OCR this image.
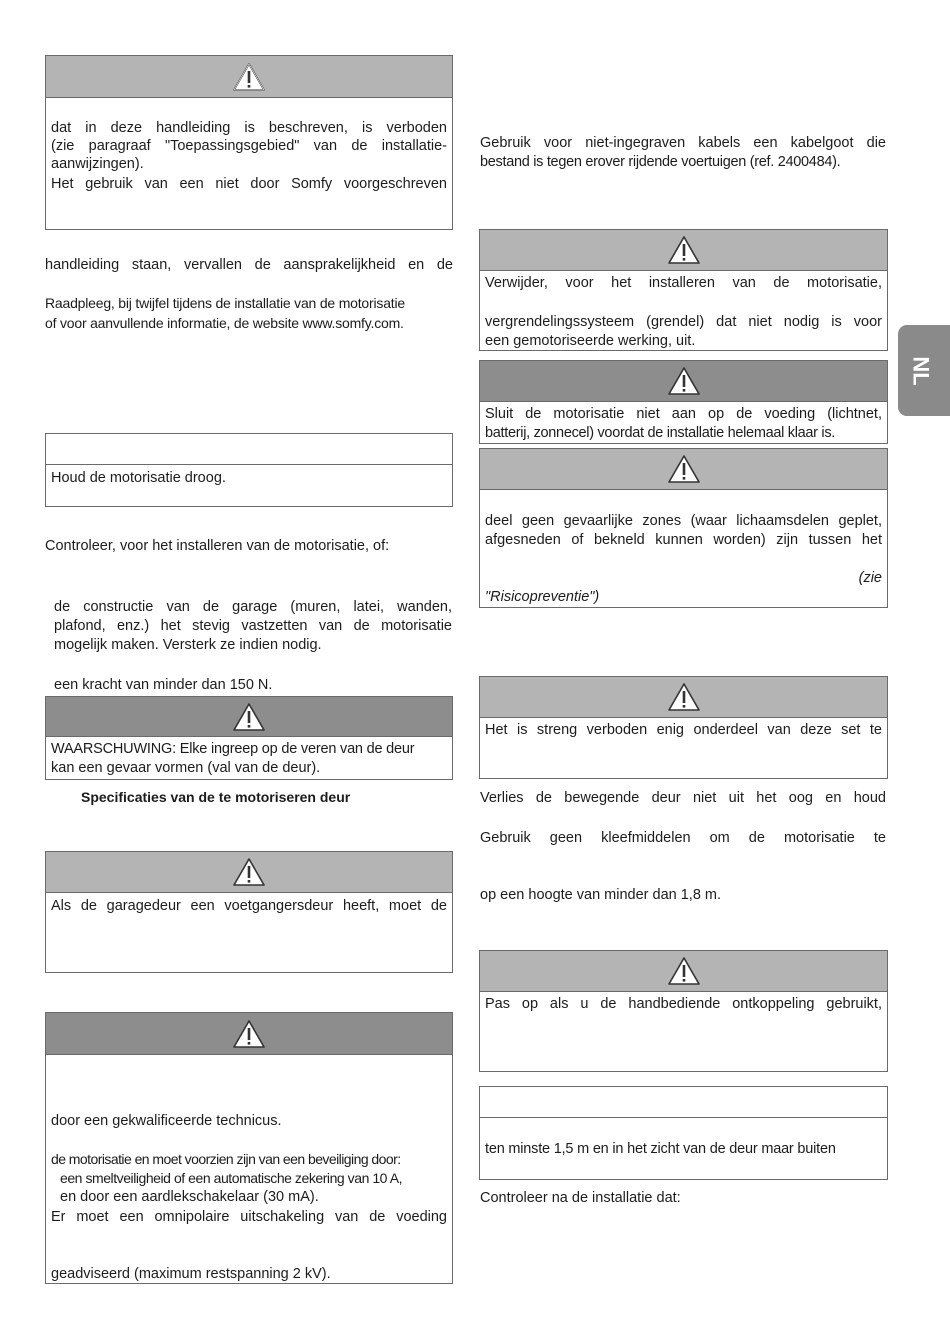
dat in deze handleiding is beschreven, is verboden
(zie paragraaf "Toepassingsgebied" van de installatie-
aanwijzingen).
Het gebruik van een niet door Somfy voorgeschreven
handleiding staan, vervallen de aansprakelijkheid en de
Raadpleeg, bij twijfel tijdens de installatie van de motorisatie
of voor aanvullende informatie, de website www.somfy.com.
Houd de motorisatie droog.
Controleer, voor het installeren van de motorisatie, of:
de constructie van de garage (muren, latei, wanden,
plafond, enz.) het stevig vastzetten van de motorisatie
mogelijk maken. Versterk ze indien nodig.
een kracht van minder dan 150 N.
WAARSCHUWING: Elke ingreep op de veren van de deur
kan een gevaar vormen (val van de deur).
Specificaties van de te motoriseren deur
Als de garagedeur een voetgangersdeur heeft, moet de
door een gekwalificeerde technicus.
de motorisatie en moet voorzien zijn van een beveiliging door:
een smeltveiligheid of een automatische zekering van 10 A,
en door een aardlekschakelaar (30 mA).
Er moet een omnipolaire uitschakeling van de voeding
geadviseerd (maximum restspanning 2 kV).
Gebruik voor niet-ingegraven kabels een kabelgoot die
bestand is tegen erover rijdende voertuigen (ref. 2400484).
Verwijder, voor het installeren van de motorisatie,
vergrendelingssysteem (grendel) dat niet nodig is voor
een gemotoriseerde werking, uit.
Sluit de motorisatie niet aan op de voeding (lichtnet,
batterij, zonnecel) voordat de installatie helemaal klaar is.
deel geen gevaarlijke zones (waar lichaamsdelen geplet,
afgesneden of bekneld kunnen worden) zijn tussen het
(zie
"Risicopreventie")
Het is streng verboden enig onderdeel van deze set te
Verlies de bewegende deur niet uit het oog en houd
Gebruik geen kleefmiddelen om de motorisatie te
op een hoogte van minder dan 1,8 m.
Pas op als u de handbediende ontkoppeling gebruikt,
ten minste 1,5 m en in het zicht van de deur maar buiten
Controleer na de installatie dat:
NL
